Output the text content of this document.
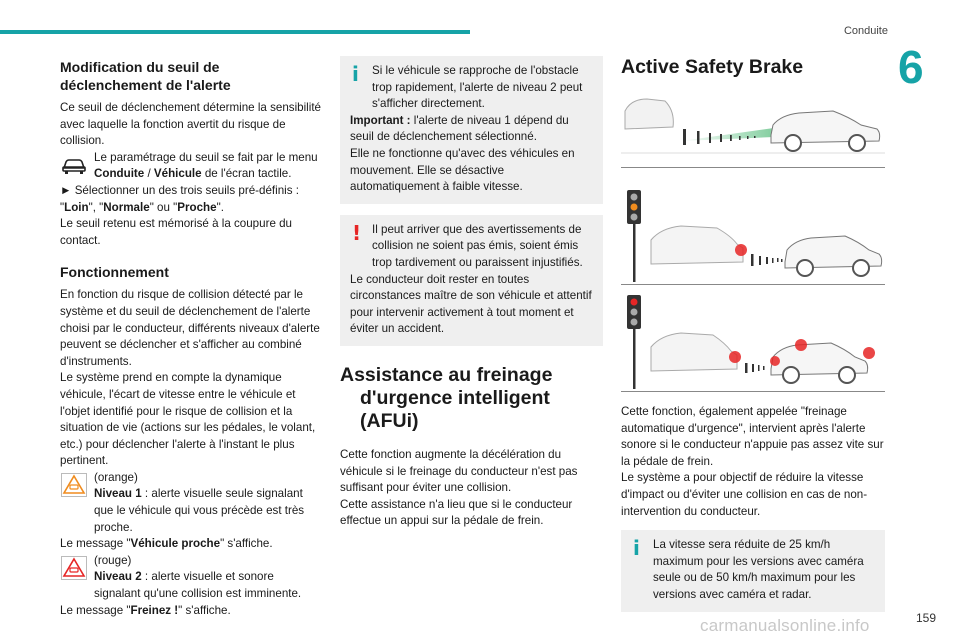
Conduite
6
Modification du seuil de déclenchement de l'alerte

Ce seuil de déclenchement détermine la sensibilité avec laquelle la fonction avertit du risque de collision.

Le paramétrage du seuil se fait par le menu Conduite / Véhicule de l'écran tactile.

► Sélectionner un des trois seuils pré-définis : "Loin", "Normale" ou "Proche".

Le seuil retenu est mémorisé à la coupure du contact.

Fonctionnement

En fonction du risque de collision détecté par le système et du seuil de déclenchement de l'alerte choisi par le conducteur, différents niveaux d'alerte peuvent se déclencher et s'afficher au combiné d'instruments.

Le système prend en compte la dynamique véhicule, l'écart de vitesse entre le véhicule et l'objet identifié pour le risque de collision et la situation de vie (actions sur les pédales, le volant, etc.) pour déclencher l'alerte à l'instant le plus pertinent.

(orange)
Niveau 1 : alerte visuelle seule signalant que le véhicule qui vous précède est très proche.

Le message "Véhicule proche" s'affiche.

(rouge)
Niveau 2 : alerte visuelle et sonore signalant qu'une collision est imminente.

Le message "Freinez !" s'affiche.

i	Si le véhicule se rapproche de l'obstacle trop rapidement, l'alerte de niveau 2 peut s'afficher directement.

Important : l'alerte de niveau 1 dépend du seuil de déclenchement sélectionné.

Elle ne fonctionne qu'avec des véhicules en mouvement. Elle se désactive automatiquement à faible vitesse.

! Il peut arriver que des avertissements de collision ne soient pas émis, soient émis trop tardivement ou paraissent injustifiés.

Le conducteur doit rester en toutes circonstances maître de son véhicule et attentif pour intervenir activement à tout moment et éviter un accident.

Assistance au freinage d'urgence intelligent (AFUi)

Cette fonction augmente la décélération du véhicule si le freinage du conducteur n'est pas suffisant pour éviter une collision.

Cette assistance n'a lieu que si le conducteur effectue un appui sur la pédale de frein.

Active Safety Brake

Cette fonction, également appelée "freinage automatique d'urgence", intervient après l'alerte sonore si le conducteur n'appuie pas assez vite sur la pédale de frein.

Le système a pour objectif de réduire la vitesse d'impact ou d'éviter une collision en cas de non-intervention du conducteur.

i	La vitesse sera réduite de 25 km/h maximum pour les versions avec caméra seule ou de 50 km/h maximum pour les versions avec caméra et radar.

carmanualsonline.info	159
